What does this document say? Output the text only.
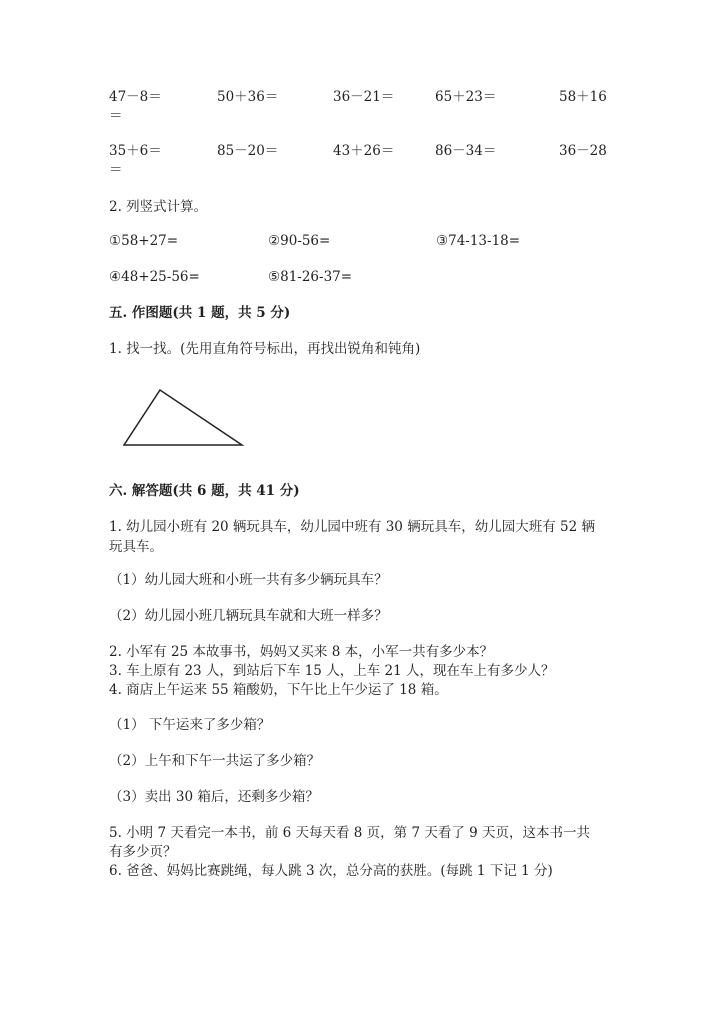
47－8＝	50＋36＝	36－21＝	65＋23＝	58＋16
＝
35＋6＝	85－20＝	43＋26＝	86－34＝	36－28
＝
2. 列竖式计算。
①58+27=	②90-56=	③74-13-18=
④48+25-56=	⑤81-26-37=
五. 作图题(共 1 题，共 5 分)
1. 找一找。(先用直角符号标出，再找出锐角和钝角)
六. 解答题(共 6 题，共 41 分)
1. 幼儿园小班有 20 辆玩具车，幼儿园中班有 30 辆玩具车，幼儿园大班有 52 辆
玩具车。
（1）幼儿园大班和小班一共有多少辆玩具车？
（2）幼儿园小班几辆玩具车就和大班一样多？
2. 小军有 25 本故事书，妈妈又买来 8 本，小军一共有多少本？
3. 车上原有 23 人，到站后下车 15 人，上车 21 人，现在车上有多少人？
4. 商店上午运来 55 箱酸奶，下午比上午少运了 18 箱。
（1） 下午运来了多少箱？
（2）上午和下午一共运了多少箱？
（3）卖出 30 箱后，还剩多少箱？
5. 小明 7 天看完一本书，前 6 天每天看 8 页，第 7 天看了 9 天页，这本书一共
有多少页？
6. 爸爸、妈妈比赛跳绳，每人跳 3 次，总分高的获胜。(每跳 1 下记 1 分)
